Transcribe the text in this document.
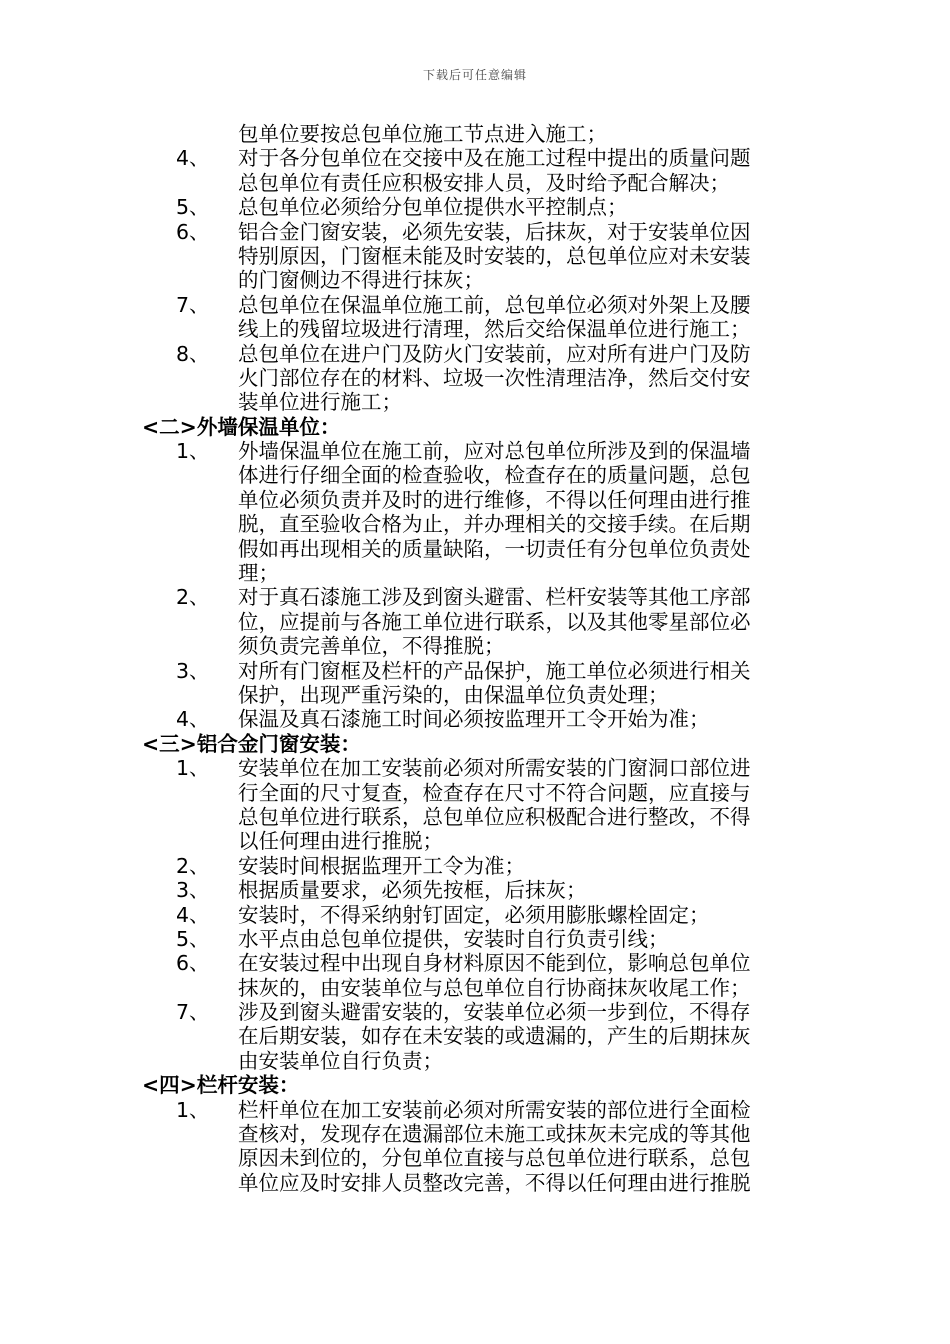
下载后可任意编辑
包单位要按总包单位施工节点进入施工；
4、	对于各分包单位在交接中及在施工过程中提出的质量问题
总包单位有责任应积极安排人员，及时给予配合解决；
5、	总包单位必须给分包单位提供水平控制点；
6、	铝合金门窗安装，必须先安装，后抹灰，对于安装单位因
特别原因，门窗框未能及时安装的，总包单位应对未安装
的门窗侧边不得进行抹灰；
7、	总包单位在保温单位施工前，总包单位必须对外架上及腰
线上的残留垃圾进行清理，然后交给保温单位进行施工；
8、	总包单位在进户门及防火门安装前，应对所有进户门及防
火门部位存在的材料、垃圾一次性清理洁净，然后交付安
装单位进行施工；
<二>外墙保温单位：
1、	外墙保温单位在施工前，应对总包单位所涉及到的保温墙
体进行仔细全面的检查验收，检查存在的质量问题，总包
单位必须负责并及时的进行维修，不得以任何理由进行推
脱，直至验收合格为止，并办理相关的交接手续。在后期
假如再出现相关的质量缺陷，一切责任有分包单位负责处
理；
2、	对于真石漆施工涉及到窗头避雷、栏杆安装等其他工序部
位，应提前与各施工单位进行联系，以及其他零星部位必
须负责完善单位，不得推脱；
3、	对所有门窗框及栏杆的产品保护，施工单位必须进行相关
保护，出现严重污染的，由保温单位负责处理；
4、	保温及真石漆施工时间必须按监理开工令开始为准；
<三>铝合金门窗安装：
1、	安装单位在加工安装前必须对所需安装的门窗洞口部位进
行全面的尺寸复查，检查存在尺寸不符合问题，应直接与
总包单位进行联系，总包单位应积极配合进行整改，不得
以任何理由进行推脱；
2、	安装时间根据监理开工令为准；
3、	根据质量要求，必须先按框，后抹灰；
4、	安装时，不得采纳射钉固定，必须用膨胀螺栓固定；
5、	水平点由总包单位提供，安装时自行负责引线；
6、	在安装过程中出现自身材料原因不能到位，影响总包单位
抹灰的，由安装单位与总包单位自行协商抹灰收尾工作；
7、	涉及到窗头避雷安装的，安装单位必须一步到位，不得存
在后期安装，如存在未安装的或遗漏的，产生的后期抹灰
由安装单位自行负责；
<四>栏杆安装：
1、	栏杆单位在加工安装前必须对所需安装的部位进行全面检
查核对，发现存在遗漏部位未施工或抹灰未完成的等其他
原因未到位的，分包单位直接与总包单位进行联系，总包
单位应及时安排人员整改完善，不得以任何理由进行推脱
